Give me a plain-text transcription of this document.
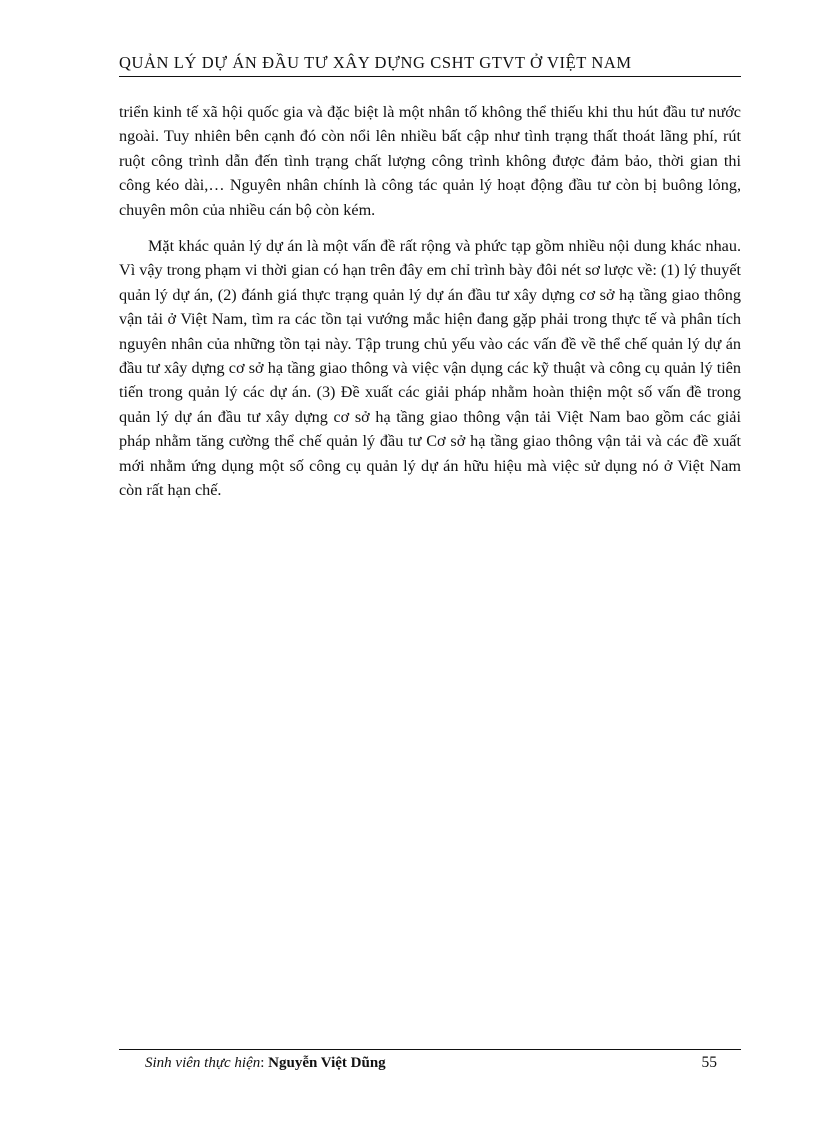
QUẢN LÝ DỰ ÁN ĐẦU TƯ XÂY DỰNG CSHT GTVT Ở VIỆT NAM

triển kinh tế xã hội quốc gia và đặc biệt là một nhân tố không thể thiếu khi thu hút đầu tư nước ngoài. Tuy nhiên bên cạnh đó còn nổi lên nhiều bất cập như tình trạng thất thoát lãng phí, rút ruột công trình dẫn đến tình trạng chất lượng công trình không được đảm bảo, thời gian thi công kéo dài,… Nguyên nhân chính là công tác quản lý hoạt động đầu tư còn bị buông lỏng, chuyên môn của nhiều cán bộ còn kém.

Mặt khác quản lý dự án là một vấn đề rất rộng và phức tạp gồm nhiều nội dung khác nhau. Vì vậy trong phạm vi thời gian có hạn trên đây em chỉ trình bày đôi nét sơ lược về: (1) lý thuyết quản lý dự án, (2) đánh giá thực trạng quản lý dự án đầu tư xây dựng cơ sở hạ tầng giao thông vận tải ở Việt Nam, tìm ra các tồn tại vướng mắc hiện đang gặp phải trong thực tế và phân tích nguyên nhân của những tồn tại này. Tập trung chủ yếu vào các vấn đề về thể chế quản lý dự án đầu tư xây dựng cơ sở hạ tầng giao thông và việc vận dụng các kỹ thuật và công cụ quản lý tiên tiến trong quản lý các dự án. (3) Đề xuất các giải pháp nhằm hoàn thiện một số vấn đề trong quản lý dự án đầu tư xây dựng cơ sở hạ tầng giao thông vận tải Việt Nam bao gồm các giải pháp nhằm tăng cường thể chế quản lý đầu tư Cơ sở hạ tầng giao thông vận tải và các đề xuất mới nhằm ứng dụng một số công cụ quản lý dự án hữu hiệu mà việc sử dụng nó ở Việt Nam còn rất hạn chế.

Sinh viên thực hiện: Nguyễn Việt Dũng	55
